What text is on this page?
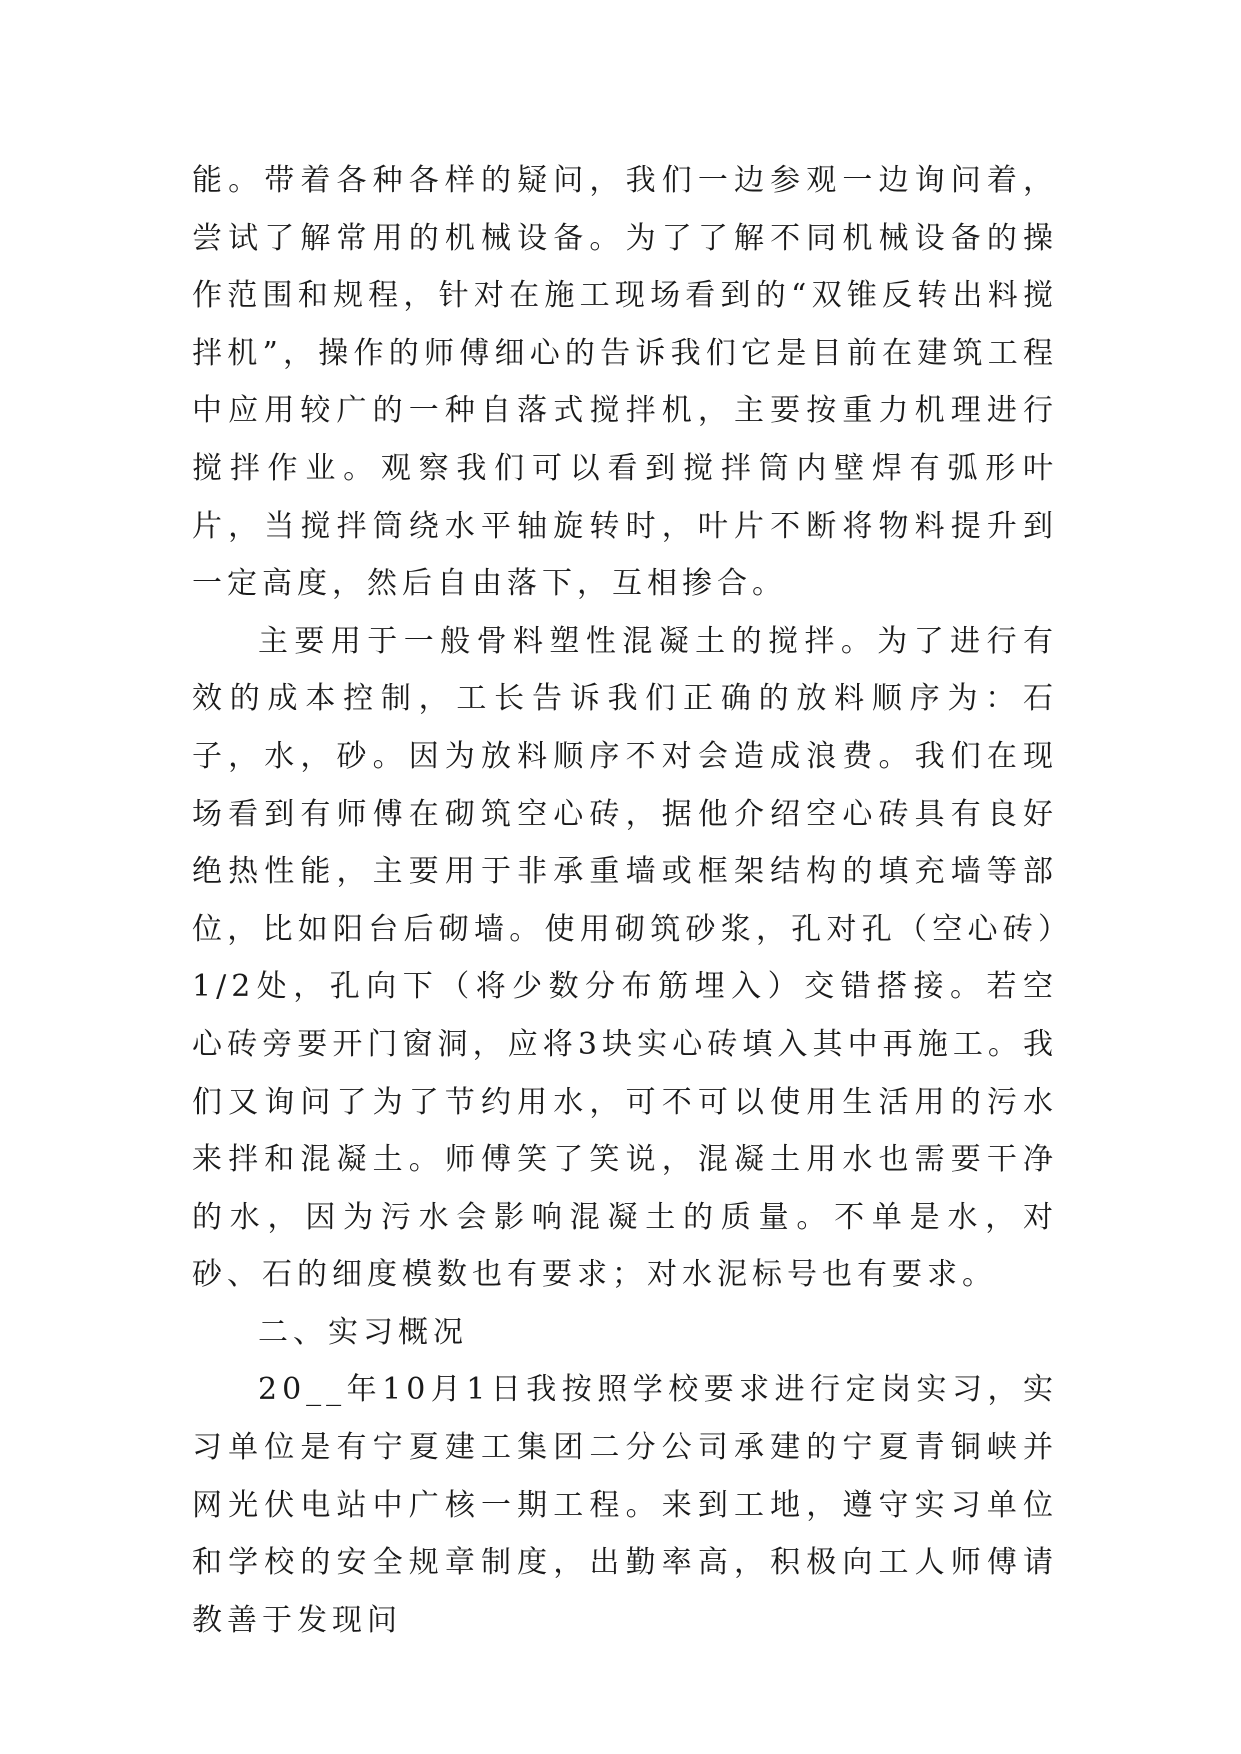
能。带着各种各样的疑问，我们一边参观一边询问着，尝试了解常用的机械设备。为了了解不同机械设备的操作范围和规程，针对在施工现场看到的“双锥反转出料搅拌机”，操作的师傅细心的告诉我们它是目前在建筑工程中应用较广的一种自落式搅拌机，主要按重力机理进行搅拌作业。观察我们可以看到搅拌筒内壁焊有弧形叶片，当搅拌筒绕水平轴旋转时，叶片不断将物料提升到一定高度，然后自由落下，互相掺合。

主要用于一般骨料塑性混凝土的搅拌。为了进行有效的成本控制，工长告诉我们正确的放料顺序为：石子，水，砂。因为放料顺序不对会造成浪费。我们在现场看到有师傅在砌筑空心砖，据他介绍空心砖具有良好绝热性能，主要用于非承重墙或框架结构的填充墙等部位，比如阳台后砌墙。使用砌筑砂浆，孔对孔（空心砖）1/2处，孔向下（将少数分布筋埋入）交错搭接。若空心砖旁要开门窗洞，应将3块实心砖填入其中再施工。我们又询问了为了节约用水，可不可以使用生活用的污水来拌和混凝土。师傅笑了笑说，混凝土用水也需要干净的水，因为污水会影响混凝土的质量。不单是水，对砂、石的细度模数也有要求；对水泥标号也有要求。

二、实习概况

20__年10月1日我按照学校要求进行定岗实习，实习单位是有宁夏建工集团二分公司承建的宁夏青铜峡并网光伏电站中广核一期工程。来到工地，遵守实习单位和学校的安全规章制度，出勤率高，积极向工人师傅请教善于发现问
